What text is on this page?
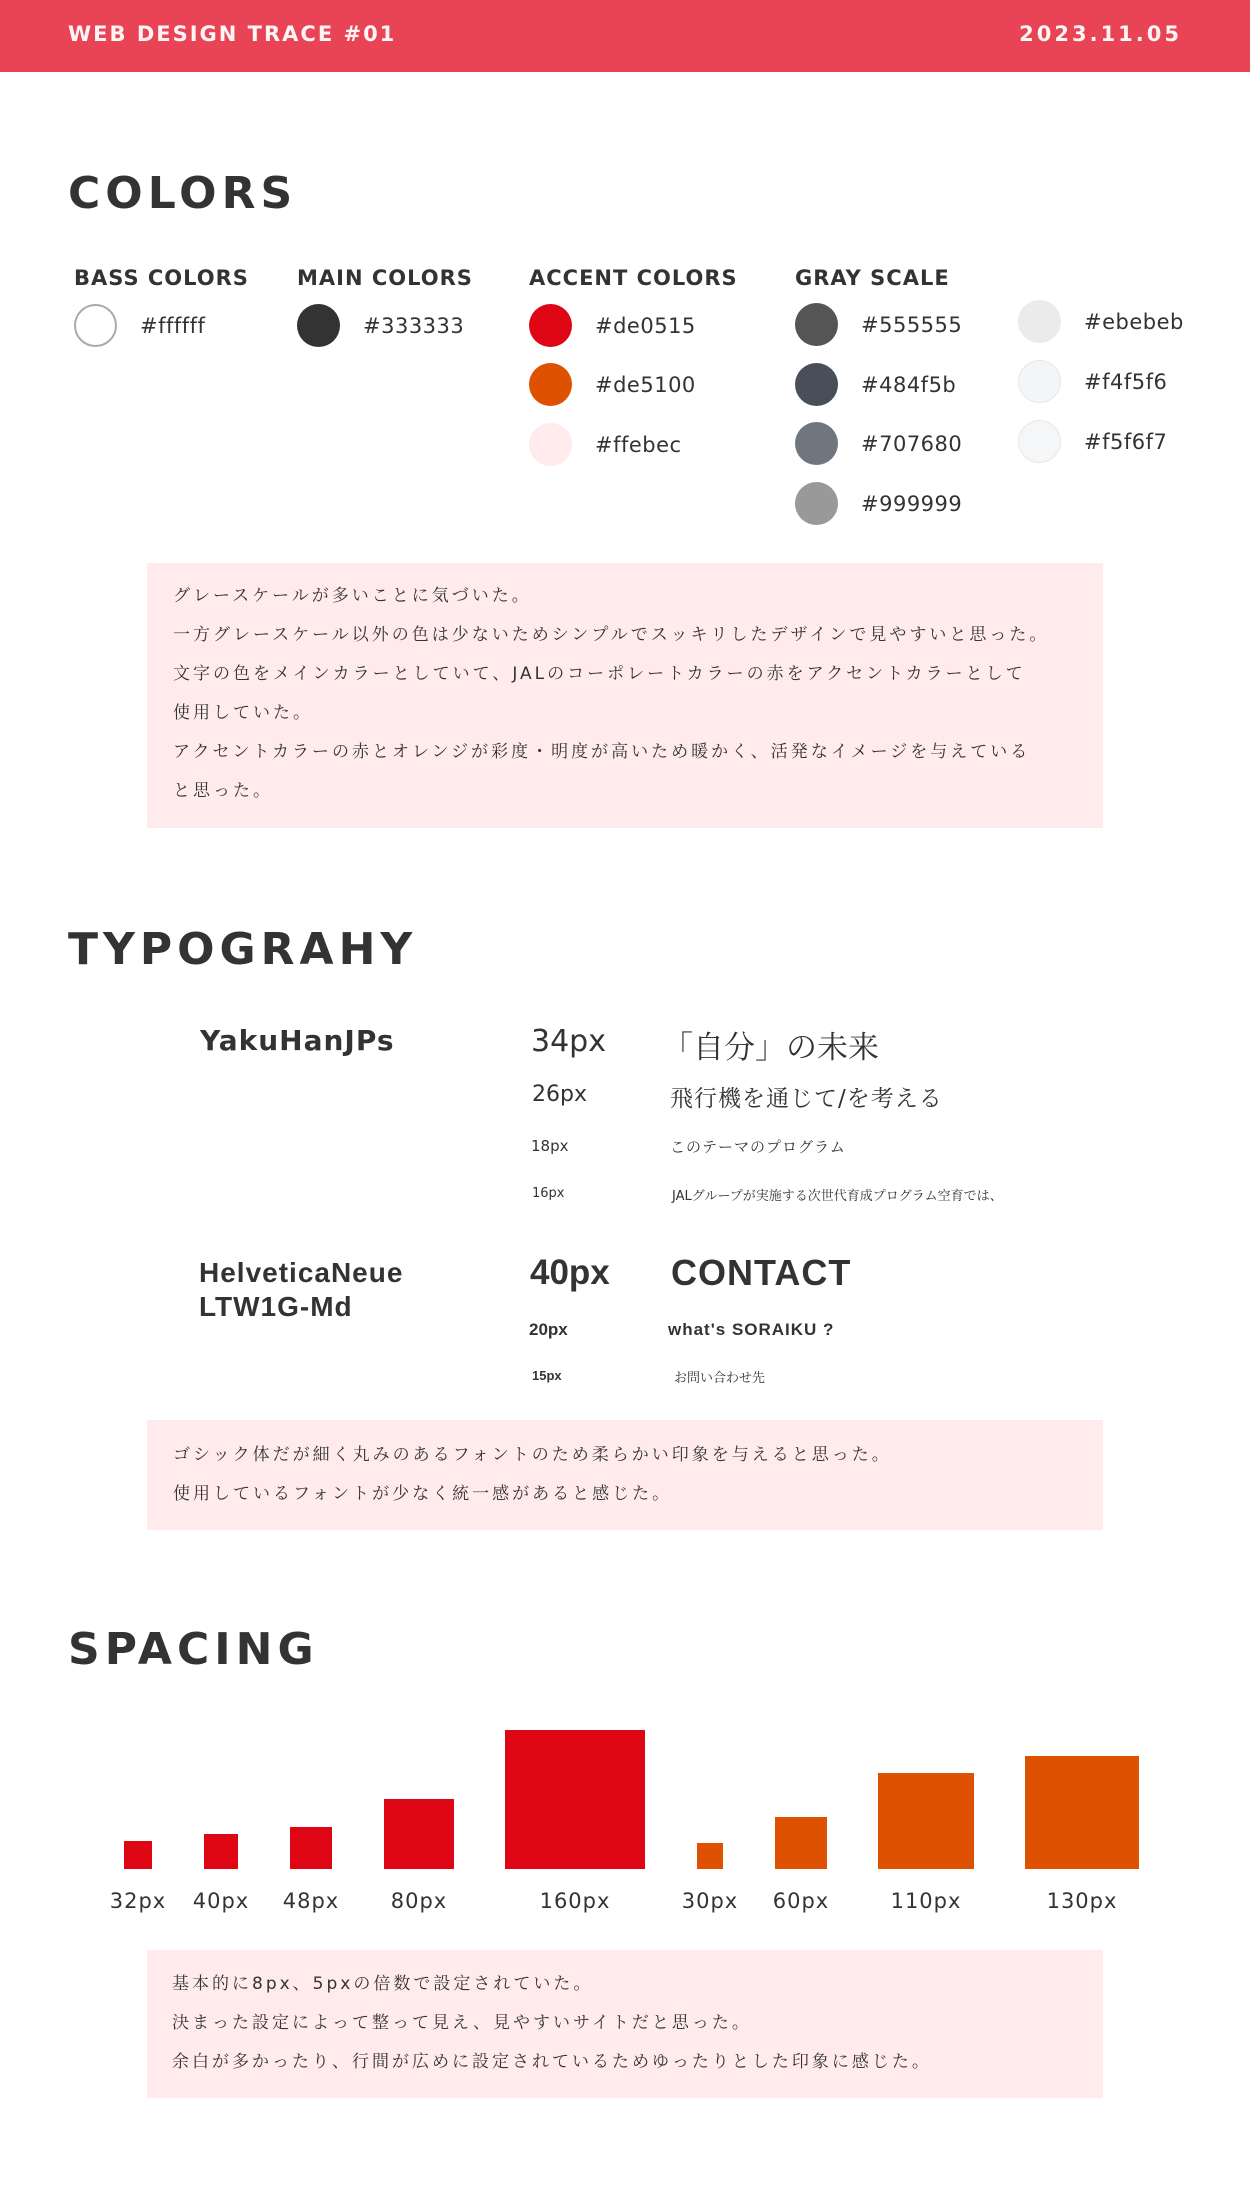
WEB DESIGN TRACE #01	2023.11.05
COLORS
BASS COLORS
#ffffff
MAIN COLORS
#333333
ACCENT COLORS
#de0515
#de5100
#ffebec
GRAY SCALE
#555555
#484f5b
#707680
#999999
#ebebeb
#f4f5f6
#f5f6f7

グレースケールが多いことに気づいた。

一方グレースケール以外の色は少ないためシンプルでスッキリしたデザインで見やすいと思った。

文字の色をメインカラーとしていて、JALのコーポレートカラーの赤をアクセントカラーとして

使用していた。

アクセントカラーの赤とオレンジが彩度・明度が高いため暖かく、活発なイメージを与えている

と思った。

TYPOGRAHY
YakuHanJPs	34px 「自分」の未来
26px	飛行機を通じて/を考える
18px	このテーマのプログラム
16px	JALグループが実施する次世代育成プログラム空育では、
HelveticaNeue
LTW1G-Md
40px CONTACT
20px	what's SORAIKU ?
15px	お問い合わせ先

ゴシック体だが細く丸みのあるフォントのため柔らかい印象を与えると思った。

使用しているフォントが少なく統一感があると感じた。

SPACING
32px	40px	48px	80px	160px	30px	60px	110px	130px

基本的に8px、5pxの倍数で設定されていた。

決まった設定によって整って見え、見やすいサイトだと思った。

余白が多かったり、行間が広めに設定されているためゆったりとした印象に感じた。
